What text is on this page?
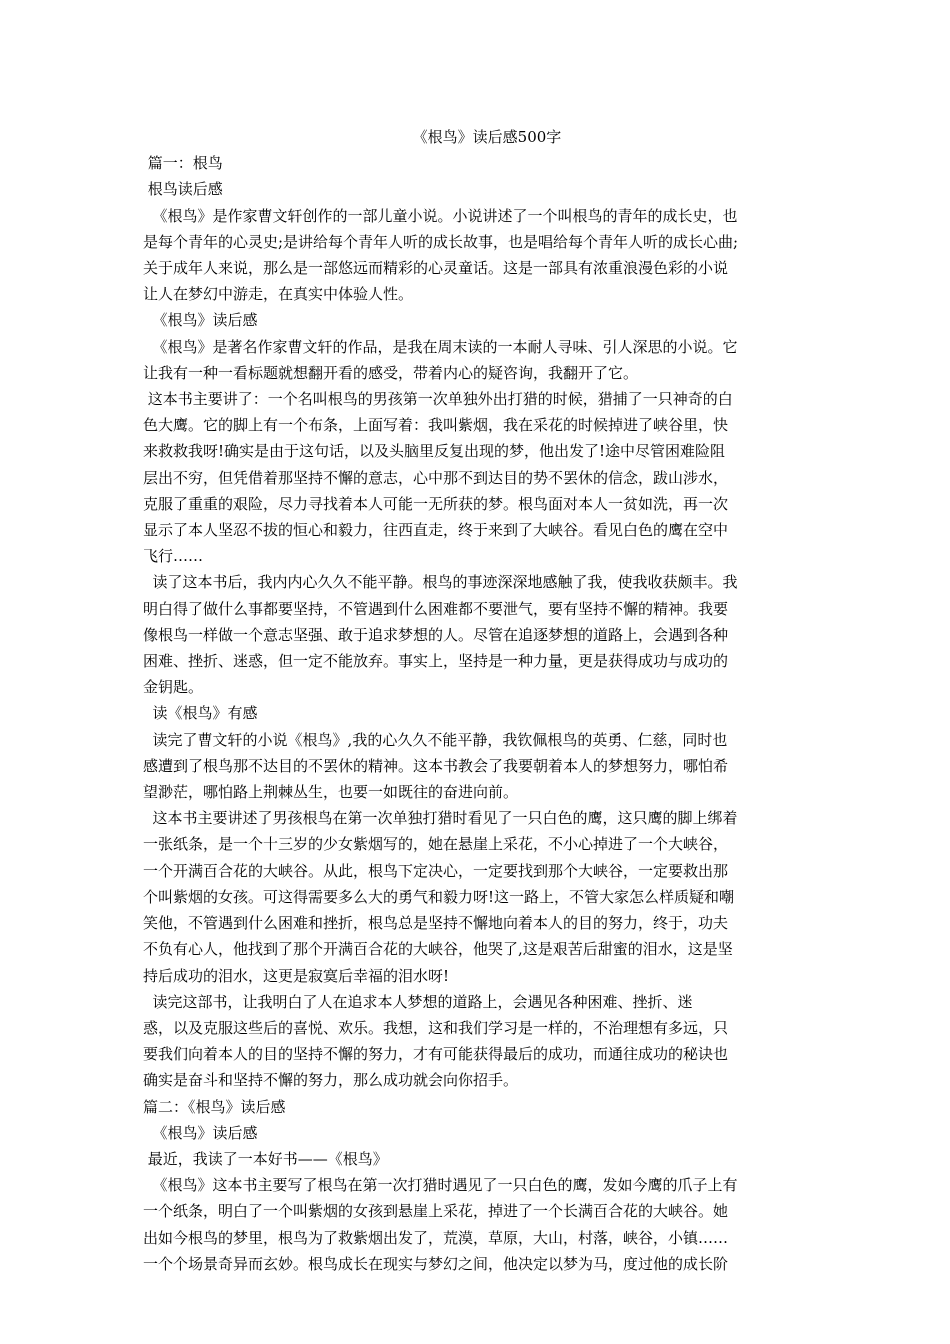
《根鸟》读后感500字
篇一：根鸟
根鸟读后感
《根鸟》是作家曹文轩创作的一部儿童小说。小说讲述了一个叫根鸟的青年的成长史，也
是每个青年的心灵史;是讲给每个青年人听的成长故事，也是唱给每个青年人听的成长心曲;
关于成年人来说，那么是一部悠远而精彩的心灵童话。这是一部具有浓重浪漫色彩的小说
让人在梦幻中游走，在真实中体验人性。
《根鸟》读后感
《根鸟》是著名作家曹文轩的作品，是我在周末读的一本耐人寻味、引人深思的小说。它
让我有一种一看标题就想翻开看的感受，带着内心的疑咨询，我翻开了它。
这本书主要讲了：一个名叫根鸟的男孩第一次单独外出打猎的时候，猎捕了一只神奇的白
色大鹰。它的脚上有一个布条，上面写着：我叫紫烟，我在采花的时候掉进了峡谷里，快
来救救我呀!确实是由于这句话，以及头脑里反复出现的梦，他出发了!途中尽管困难险阻
层出不穷，但凭借着那坚持不懈的意志，心中那不到达目的势不罢休的信念，跋山涉水，
克服了重重的艰险，尽力寻找着本人可能一无所获的梦。根鸟面对本人一贫如洗，再一次
显示了本人坚忍不拔的恒心和毅力，往西直走，终于来到了大峡谷。看见白色的鹰在空中
飞行……
读了这本书后，我内内心久久不能平静。根鸟的事迹深深地感触了我，使我收获颇丰。我
明白得了做什么事都要坚持，不管遇到什么困难都不要泄气，要有坚持不懈的精神。我要
像根鸟一样做一个意志坚强、敢于追求梦想的人。尽管在追逐梦想的道路上，会遇到各种
困难、挫折、迷惑，但一定不能放弃。事实上，坚持是一种力量，更是获得成功与成功的
金钥匙。
读《根鸟》有感
读完了曹文轩的小说《根鸟》,我的心久久不能平静，我钦佩根鸟的英勇、仁慈，同时也
感遭到了根鸟那不达目的不罢休的精神。这本书教会了我要朝着本人的梦想努力，哪怕希
望渺茫，哪怕路上荆棘丛生，也要一如既往的奋进向前。
这本书主要讲述了男孩根鸟在第一次单独打猎时看见了一只白色的鹰，这只鹰的脚上绑着
一张纸条，是一个十三岁的少女紫烟写的，她在悬崖上采花，不小心掉进了一个大峡谷，
一个开满百合花的大峡谷。从此，根鸟下定决心，一定要找到那个大峡谷，一定要救出那
个叫紫烟的女孩。可这得需要多么大的勇气和毅力呀!这一路上，不管大家怎么样质疑和嘲
笑他，不管遇到什么困难和挫折，根鸟总是坚持不懈地向着本人的目的努力，终于，功夫
不负有心人，他找到了那个开满百合花的大峡谷，他哭了,这是艰苦后甜蜜的泪水，这是坚
持后成功的泪水，这更是寂寞后幸福的泪水呀!
读完这部书，让我明白了人在追求本人梦想的道路上，会遇见各种困难、挫折、迷
惑，以及克服这些后的喜悦、欢乐。我想，这和我们学习是一样的，不治理想有多远，只
要我们向着本人的目的坚持不懈的努力，才有可能获得最后的成功，而通往成功的秘诀也
确实是奋斗和坚持不懈的努力，那么成功就会向你招手。
篇二：《根鸟》读后感
《根鸟》读后感
最近，我读了一本好书——《根鸟》
《根鸟》这本书主要写了根鸟在第一次打猎时遇见了一只白色的鹰，发如今鹰的爪子上有
一个纸条，明白了一个叫紫烟的女孩到悬崖上采花，掉进了一个长满百合花的大峡谷。她
出如今根鸟的梦里，根鸟为了救紫烟出发了，荒漠，草原，大山，村落，峡谷，小镇……
一个个场景奇异而玄妙。根鸟成长在现实与梦幻之间，他决定以梦为马，度过他的成长阶
